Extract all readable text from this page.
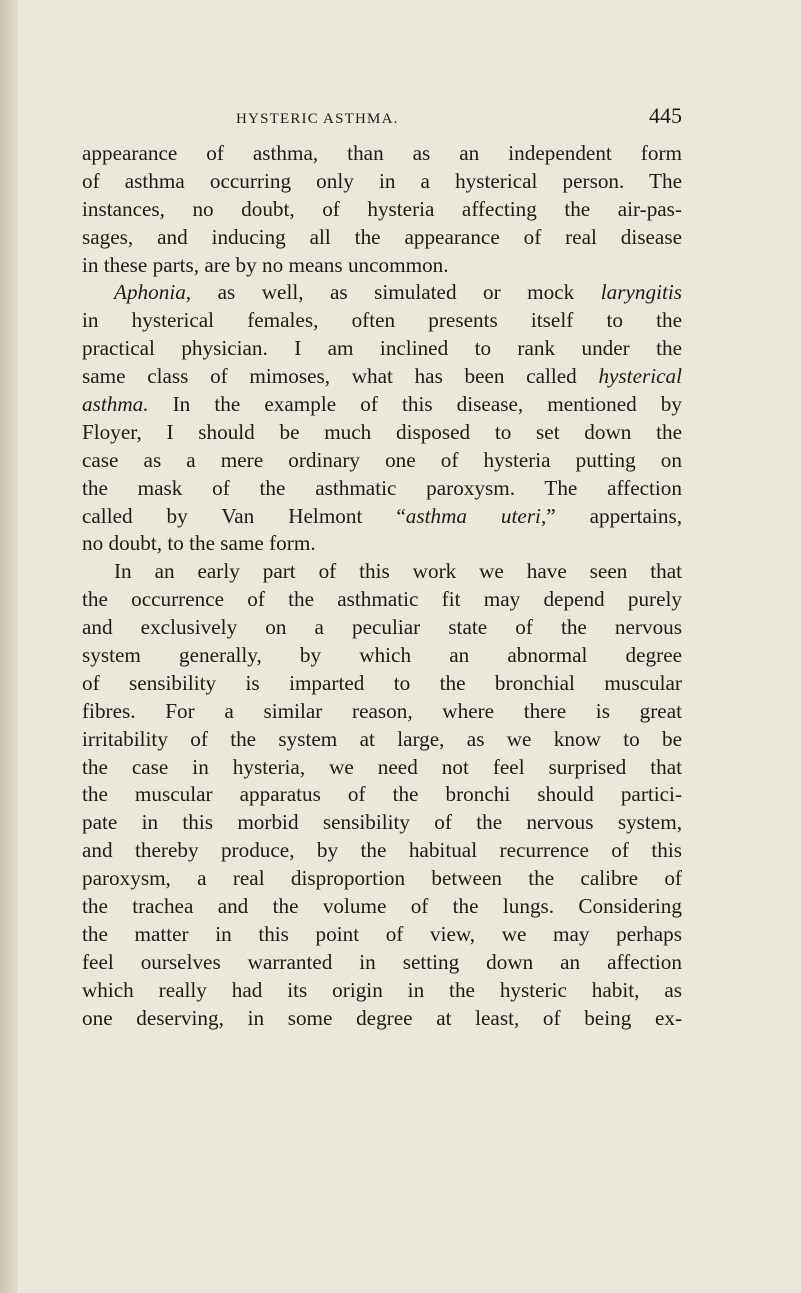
HYSTERIC ASTHMA.	445
appearance of asthma, than as an independent form
of asthma occurring only in a hysterical person. The
instances, no doubt, of hysteria affecting the air-pas-
sages, and inducing all the appearance of real disease
in these parts, are by no means uncommon.
Aphonia, as well, as simulated or mock laryngitis
in hysterical females, often presents itself to the
practical physician. I am inclined to rank under the
same class of mimoses, what has been called hysterical
asthma. In the example of this disease, mentioned by
Floyer, I should be much disposed to set down the
case as a mere ordinary one of hysteria putting on
the mask of the asthmatic paroxysm. The affection
called by Van Helmont “asthma uteri,” appertains,
no doubt, to the same form.
In an early part of this work we have seen that
the occurrence of the asthmatic fit may depend purely
and exclusively on a peculiar state of the nervous
system generally, by which an abnormal degree
of sensibility is imparted to the bronchial muscular
fibres. For a similar reason, where there is great
irritability of the system at large, as we know to be
the case in hysteria, we need not feel surprised that
the muscular apparatus of the bronchi should partici-
pate in this morbid sensibility of the nervous system,
and thereby produce, by the habitual recurrence of this
paroxysm, a real disproportion between the calibre of
the trachea and the volume of the lungs. Considering
the matter in this point of view, we may perhaps
feel ourselves warranted in setting down an affection
which really had its origin in the hysteric habit, as
one deserving, in some degree at least, of being ex-
